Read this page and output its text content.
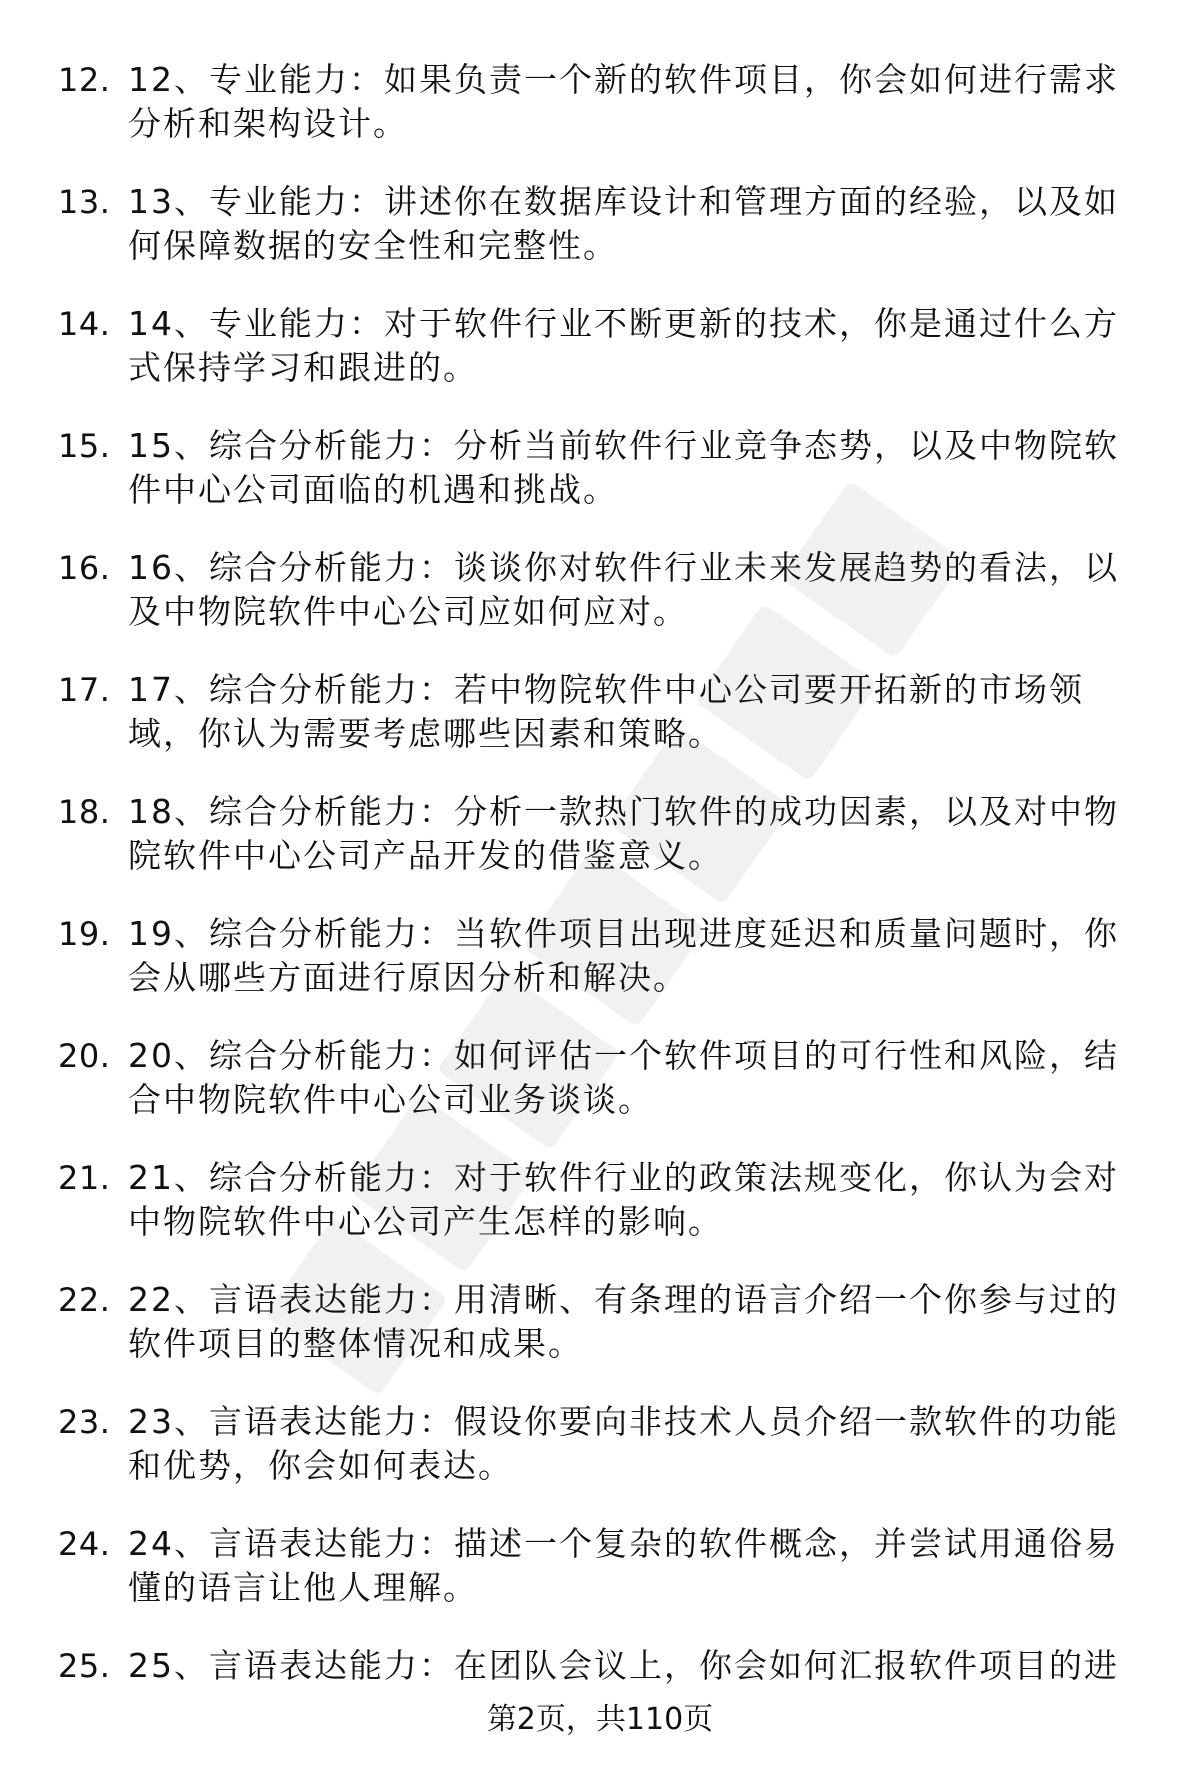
12. 12、专业能力：如果负责一个新的软件项目，你会如何进行需求分析和架构设计。
13. 13、专业能力：讲述你在数据库设计和管理方面的经验，以及如何保障数据的安全性和完整性。
14. 14、专业能力：对于软件行业不断更新的技术，你是通过什么方式保持学习和跟进的。
15. 15、综合分析能力：分析当前软件行业竞争态势，以及中物院软件中心公司面临的机遇和挑战。
16. 16、综合分析能力：谈谈你对软件行业未来发展趋势的看法，以及中物院软件中心公司应如何应对。
17. 17、综合分析能力：若中物院软件中心公司要开拓新的市场领域，你认为需要考虑哪些因素和策略。
18. 18、综合分析能力：分析一款热门软件的成功因素，以及对中物院软件中心公司产品开发的借鉴意义。
19. 19、综合分析能力：当软件项目出现进度延迟和质量问题时，你会从哪些方面进行原因分析和解决。
20. 20、综合分析能力：如何评估一个软件项目的可行性和风险，结合中物院软件中心公司业务谈谈。
21. 21、综合分析能力：对于软件行业的政策法规变化，你认为会对中物院软件中心公司产生怎样的影响。
22. 22、言语表达能力：用清晰、有条理的语言介绍一个你参与过的软件项目的整体情况和成果。
23. 23、言语表达能力：假设你要向非技术人员介绍一款软件的功能和优势，你会如何表达。
24. 24、言语表达能力：描述一个复杂的软件概念，并尝试用通俗易懂的语言让他人理解。
25. 25、言语表达能力：在团队会议上，你会如何汇报软件项目的进
第2页，共110页
